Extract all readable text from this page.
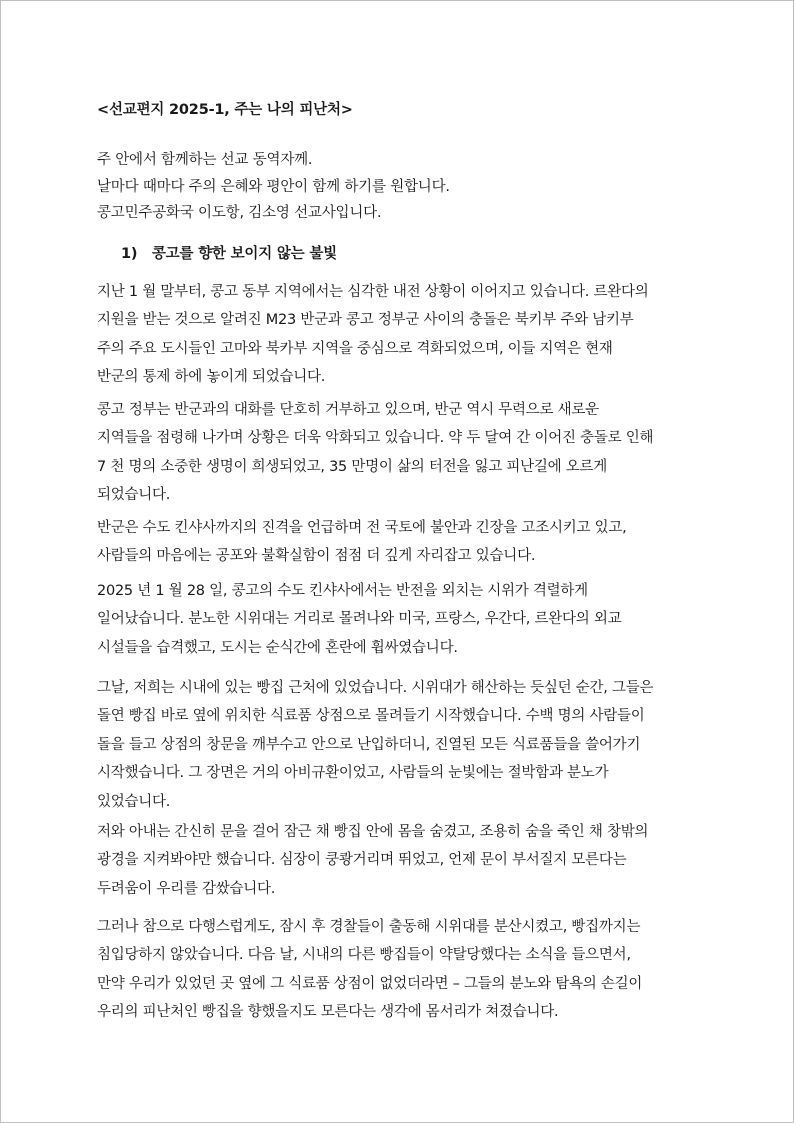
<선교편지 2025-1, 주는 나의 피난처>
주 안에서 함께하는 선교 동역자께.
날마다 때마다 주의 은혜와 평안이 함께 하기를 원합니다.
콩고민주공화국 이도항, 김소영 선교사입니다.
1) 콩고를 향한 보이지 않는 불빛
지난 1 월 말부터, 콩고 동부 지역에서는 심각한 내전 상황이 이어지고 있습니다. 르완다의
지원을 받는 것으로 알려진 M23 반군과 콩고 정부군 사이의 충돌은 북키부 주와 남키부
주의 주요 도시들인 고마와 북카부 지역을 중심으로 격화되었으며, 이들 지역은 현재
반군의 통제 하에 놓이게 되었습니다.
콩고 정부는 반군과의 대화를 단호히 거부하고 있으며, 반군 역시 무력으로 새로운
지역들을 점령해 나가며 상황은 더욱 악화되고 있습니다. 약 두 달여 간 이어진 충돌로 인해
7 천 명의 소중한 생명이 희생되었고, 35 만명이 삶의 터전을 잃고 피난길에 오르게
되었습니다.
반군은 수도 킨샤사까지의 진격을 언급하며 전 국토에 불안과 긴장을 고조시키고 있고,
사람들의 마음에는 공포와 불확실함이 점점 더 깊게 자리잡고 있습니다.
2025 년 1 월 28 일, 콩고의 수도 킨샤사에서는 반전을 외치는 시위가 격렬하게
일어났습니다. 분노한 시위대는 거리로 몰려나와 미국, 프랑스, 우간다, 르완다의 외교
시설들을 습격했고, 도시는 순식간에 혼란에 휩싸였습니다.
그날, 저희는 시내에 있는 빵집 근처에 있었습니다. 시위대가 해산하는 듯싶던 순간, 그들은
돌연 빵집 바로 옆에 위치한 식료품 상점으로 몰려들기 시작했습니다. 수백 명의 사람들이
돌을 들고 상점의 창문을 깨부수고 안으로 난입하더니, 진열된 모든 식료품들을 쓸어가기
시작했습니다. 그 장면은 거의 아비규환이었고, 사람들의 눈빛에는 절박함과 분노가
있었습니다.
저와 아내는 간신히 문을 걸어 잠근 채 빵집 안에 몸을 숨겼고, 조용히 숨을 죽인 채 창밖의
광경을 지켜봐야만 했습니다. 심장이 쿵쾅거리며 뛰었고, 언제 문이 부서질지 모른다는
두려움이 우리를 감쌌습니다.
그러나 참으로 다행스럽게도, 잠시 후 경찰들이 출동해 시위대를 분산시켰고, 빵집까지는
침입당하지 않았습니다. 다음 날, 시내의 다른 빵집들이 약탈당했다는 소식을 들으면서,
만약 우리가 있었던 곳 옆에 그 식료품 상점이 없었더라면 – 그들의 분노와 탐욕의 손길이
우리의 피난처인 빵집을 향했을지도 모른다는 생각에 몸서리가 쳐졌습니다.
